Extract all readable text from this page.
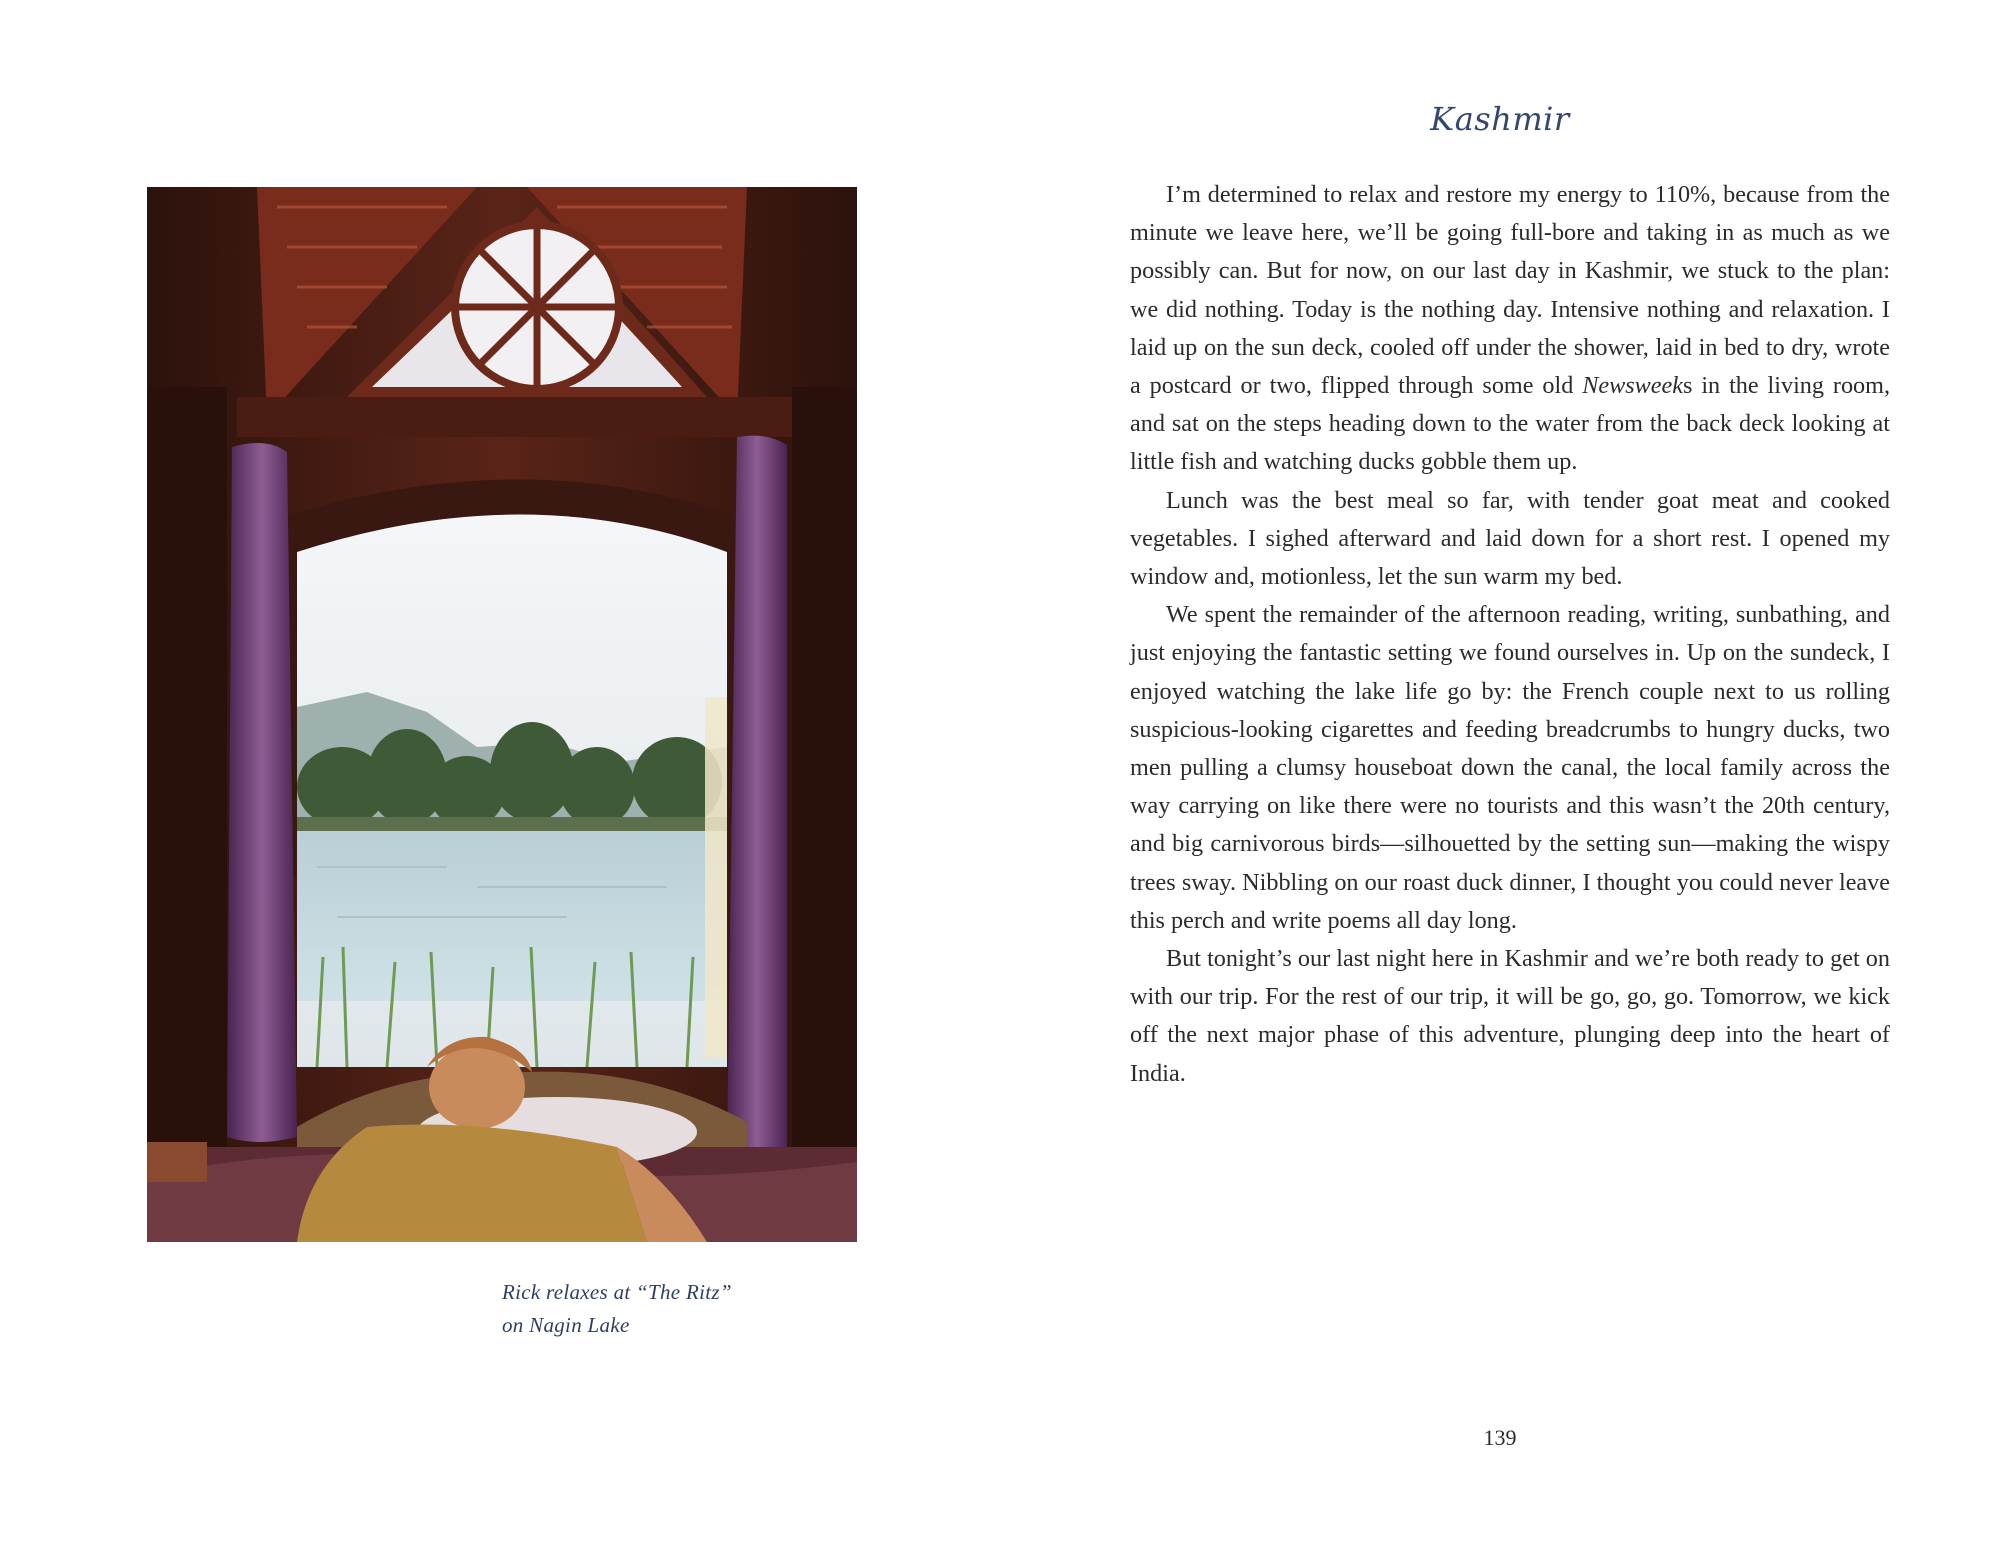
Rick relaxes at “The Ritz”
on Nagin Lake
Kashmir

I’m determined to relax and restore my energy to 110%, because from the minute we leave here, we’ll be going full-bore and taking in as much as we possibly can. But for now, on our last day in Kashmir, we stuck to the plan: we did nothing. Today is the nothing day. Intensive nothing and relaxation. I laid up on the sun deck, cooled off under the shower, laid in bed to dry, wrote a postcard or two, flipped through some old Newsweeks in the living room, and sat on the steps heading down to the water from the back deck looking at little fish and watching ducks gobble them up.

Lunch was the best meal so far, with tender goat meat and cooked vegetables. I sighed afterward and laid down for a short rest. I opened my window and, motionless, let the sun warm my bed.

We spent the remainder of the afternoon reading, writing, sunbathing, and just enjoying the fantastic setting we found ourselves in. Up on the sundeck, I enjoyed watching the lake life go by: the French couple next to us rolling suspicious-looking cigarettes and feeding breadcrumbs to hungry ducks, two men pulling a clumsy houseboat down the canal, the local family across the way carrying on like there were no tourists and this wasn’t the 20th century, and big carnivorous birds—silhouetted by the setting sun—making the wispy trees sway. Nibbling on our roast duck dinner, I thought you could never leave this perch and write poems all day long.

But tonight’s our last night here in Kashmir and we’re both ready to get on with our trip. For the rest of our trip, it will be go, go, go. Tomorrow, we kick off the next major phase of this adventure, plunging deep into the heart of India.

139
